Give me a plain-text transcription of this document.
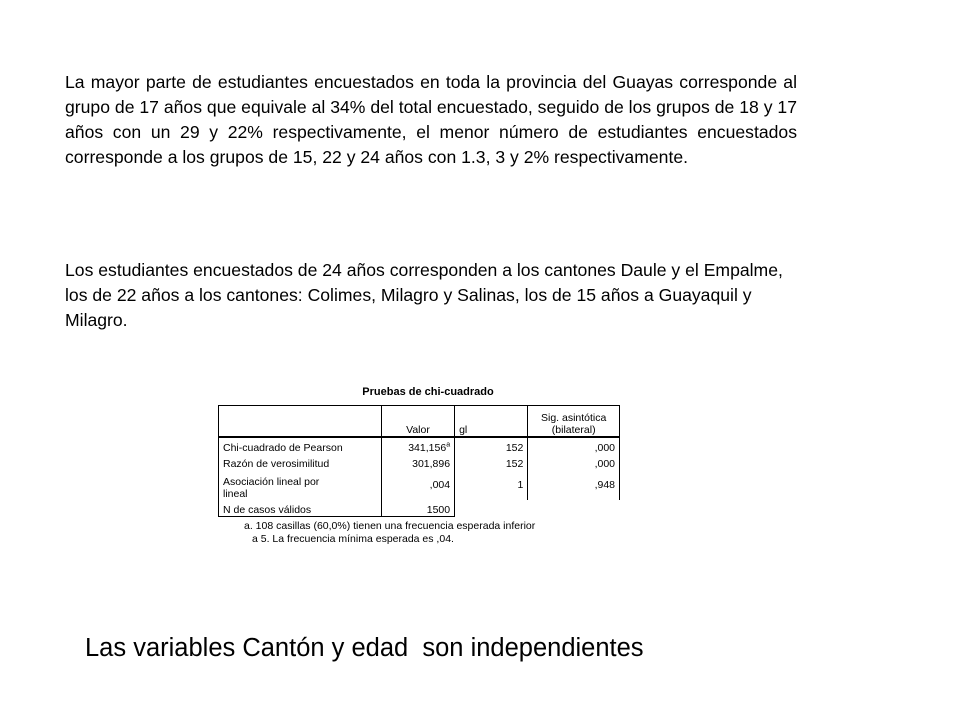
La mayor parte de estudiantes encuestados en toda la provincia del Guayas corresponde al grupo de 17 años que equivale al 34% del total encuestado, seguido de los grupos de 18 y 17 años con un 29 y 22% respectivamente, el menor número de estudiantes encuestados corresponde a los grupos de 15, 22 y 24 años con 1.3, 3 y 2% respectivamente.

Los estudiantes encuestados de 24 años corresponden a los cantones Daule y el Empalme, los de 22 años a los cantones: Colimes, Milagro y Salinas, los de 15 años a Guayaquil y Milagro.

Pruebas de chi-cuadrado
	Valor	gl	Sig. asintótica
(bilateral)
Chi-cuadrado de Pearson	341,156$^a$	152	,000
Razón de verosimilitud	301,896	152	,000
Asociación lineal por
lineal	,004	1	,948
N de casos válidos	1500		
a. 108 casillas (60,0%) tienen una frecuencia esperada inferior
a 5. La frecuencia mínima esperada es ,04.

Las variables Cantón y edad  son independientes
